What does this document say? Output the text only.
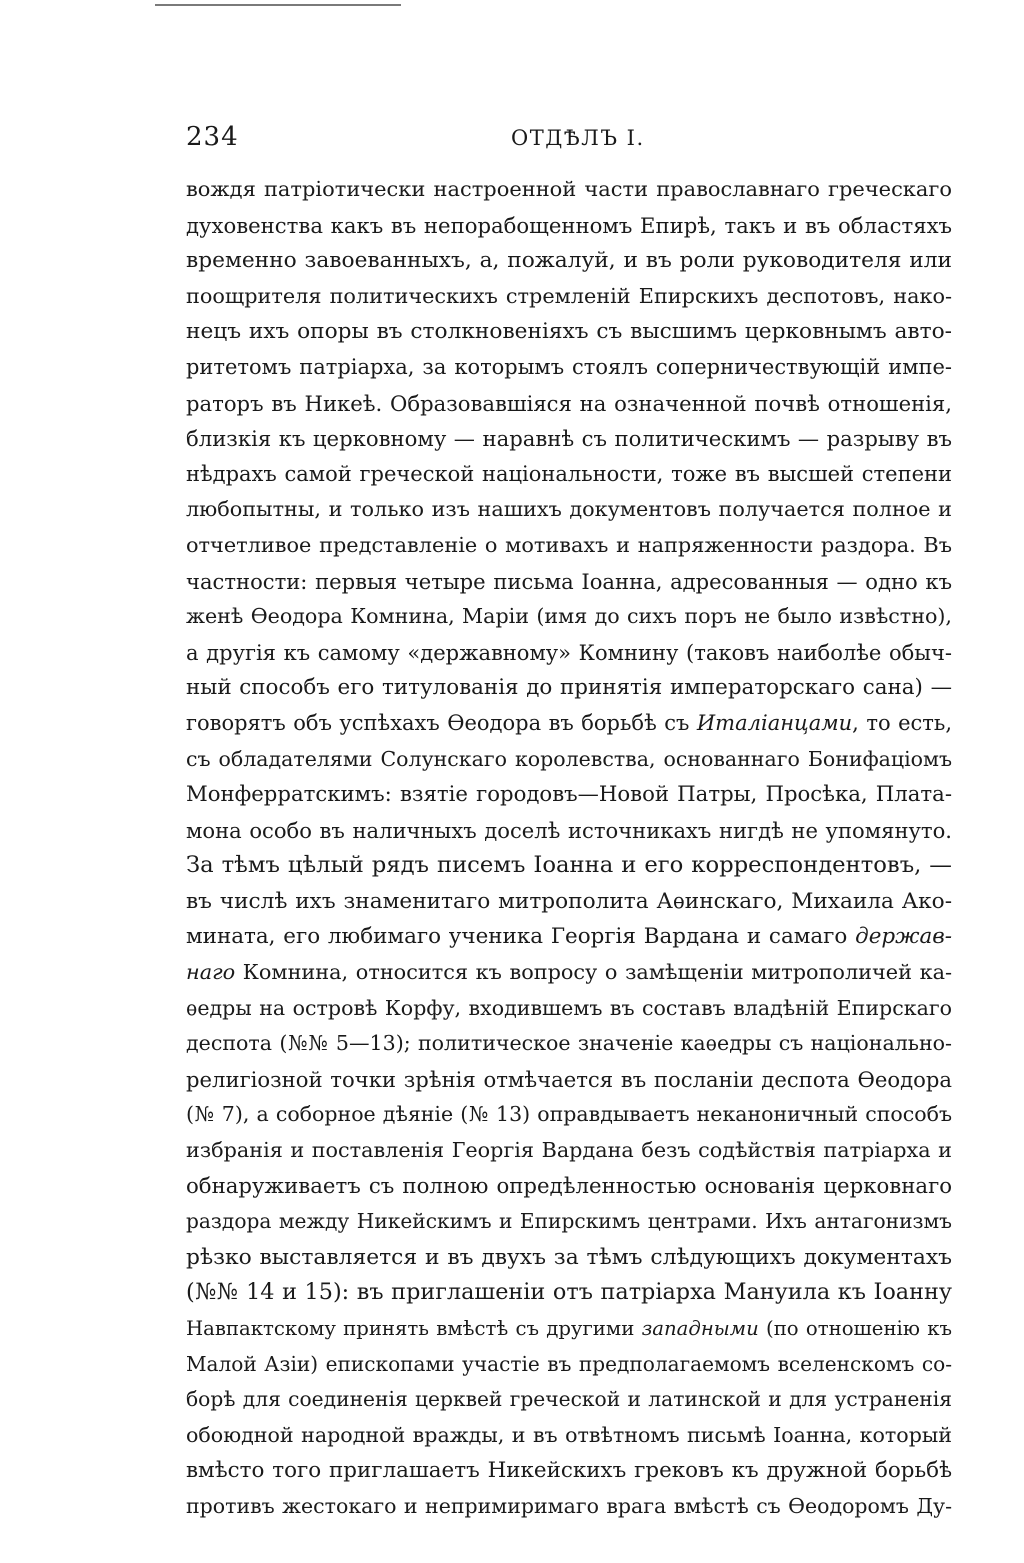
234	ОТДѢЛЪ I.
вождя патріотически настроенной части православнаго греческаго
духовенства какъ въ непорабощенномъ Епирѣ, такъ и въ областяхъ
временно завоеванныхъ, а, пожалуй, и въ роли руководителя или
поощрителя политическихъ стремленій Епирскихъ деспотовъ, нако-
нецъ ихъ опоры въ столкновеніяхъ съ высшимъ церковнымъ авто-
ритетомъ патріарха, за которымъ стоялъ соперничествующій импе-
раторъ въ Никеѣ. Образовавшіяся на означенной почвѣ отношенія,
близкія къ церковному — наравнѣ съ политическимъ — разрыву въ
нѣдрахъ самой греческой національности, тоже въ высшей степени
любопытны, и только изъ нашихъ документовъ получается полное и
отчетливое представленіе о мотивахъ и напряженности раздора. Въ
частности: первыя четыре письма Іоанна, адресованныя — одно къ
женѣ Ѳеодора Комнина, Маріи (имя до сихъ поръ не было извѣстно),
а другія къ самому «державному» Комнину (таковъ наиболѣе обыч-
ный способъ его титулованія до принятія императорскаго сана) —
говорятъ объ успѣхахъ Ѳеодора въ борьбѣ съ Италіанцами, то есть,
съ обладателями Солунскаго королевства, основаннаго Бонифаціомъ
Монферратскимъ: взятіе городовъ—Новой Патры, Просѣка, Плата-
мона особо въ наличныхъ доселѣ источникахъ нигдѣ не упомянуто.
За тѣмъ цѣлый рядъ писемъ Іоанна и его корреспондентовъ, —
въ числѣ ихъ знаменитаго митрополита Аѳинскаго, Михаила Ако-
мината, его любимаго ученика Георгія Вардана и самаго держав-
наго Комнина, относится къ вопросу о замѣщеніи митрополичей ка-
ѳедры на островѣ Корфу, входившемъ въ составъ владѣній Епирскаго
деспота (№№ 5—13); политическое значеніе каѳедры съ національно-
религіозной точки зрѣнія отмѣчается въ посланіи деспота Ѳеодора
(№ 7), а соборное дѣяніе (№ 13) оправдываетъ неканоничный способъ
избранія и поставленія Георгія Вардана безъ содѣйствія патріарха и
обнаруживаетъ съ полною опредѣленностью основанія церковнаго
раздора между Никейскимъ и Епирскимъ центрами. Ихъ антагонизмъ
рѣзко выставляется и въ двухъ за тѣмъ слѣдующихъ документахъ
(№№ 14 и 15): въ приглашеніи отъ патріарха Мануила къ Іоанну
Навпактскому принять вмѣстѣ съ другими западными (по отношенію къ
Малой Азіи) епископами участіе въ предполагаемомъ вселенскомъ со-
борѣ для соединенія церквей греческой и латинской и для устраненія
обоюдной народной вражды, и въ отвѣтномъ письмѣ Іоанна, который
вмѣсто того приглашаетъ Никейскихъ грековъ къ дружной борьбѣ
противъ жестокаго и непримиримаго врага вмѣстѣ съ Ѳеодоромъ Ду-
